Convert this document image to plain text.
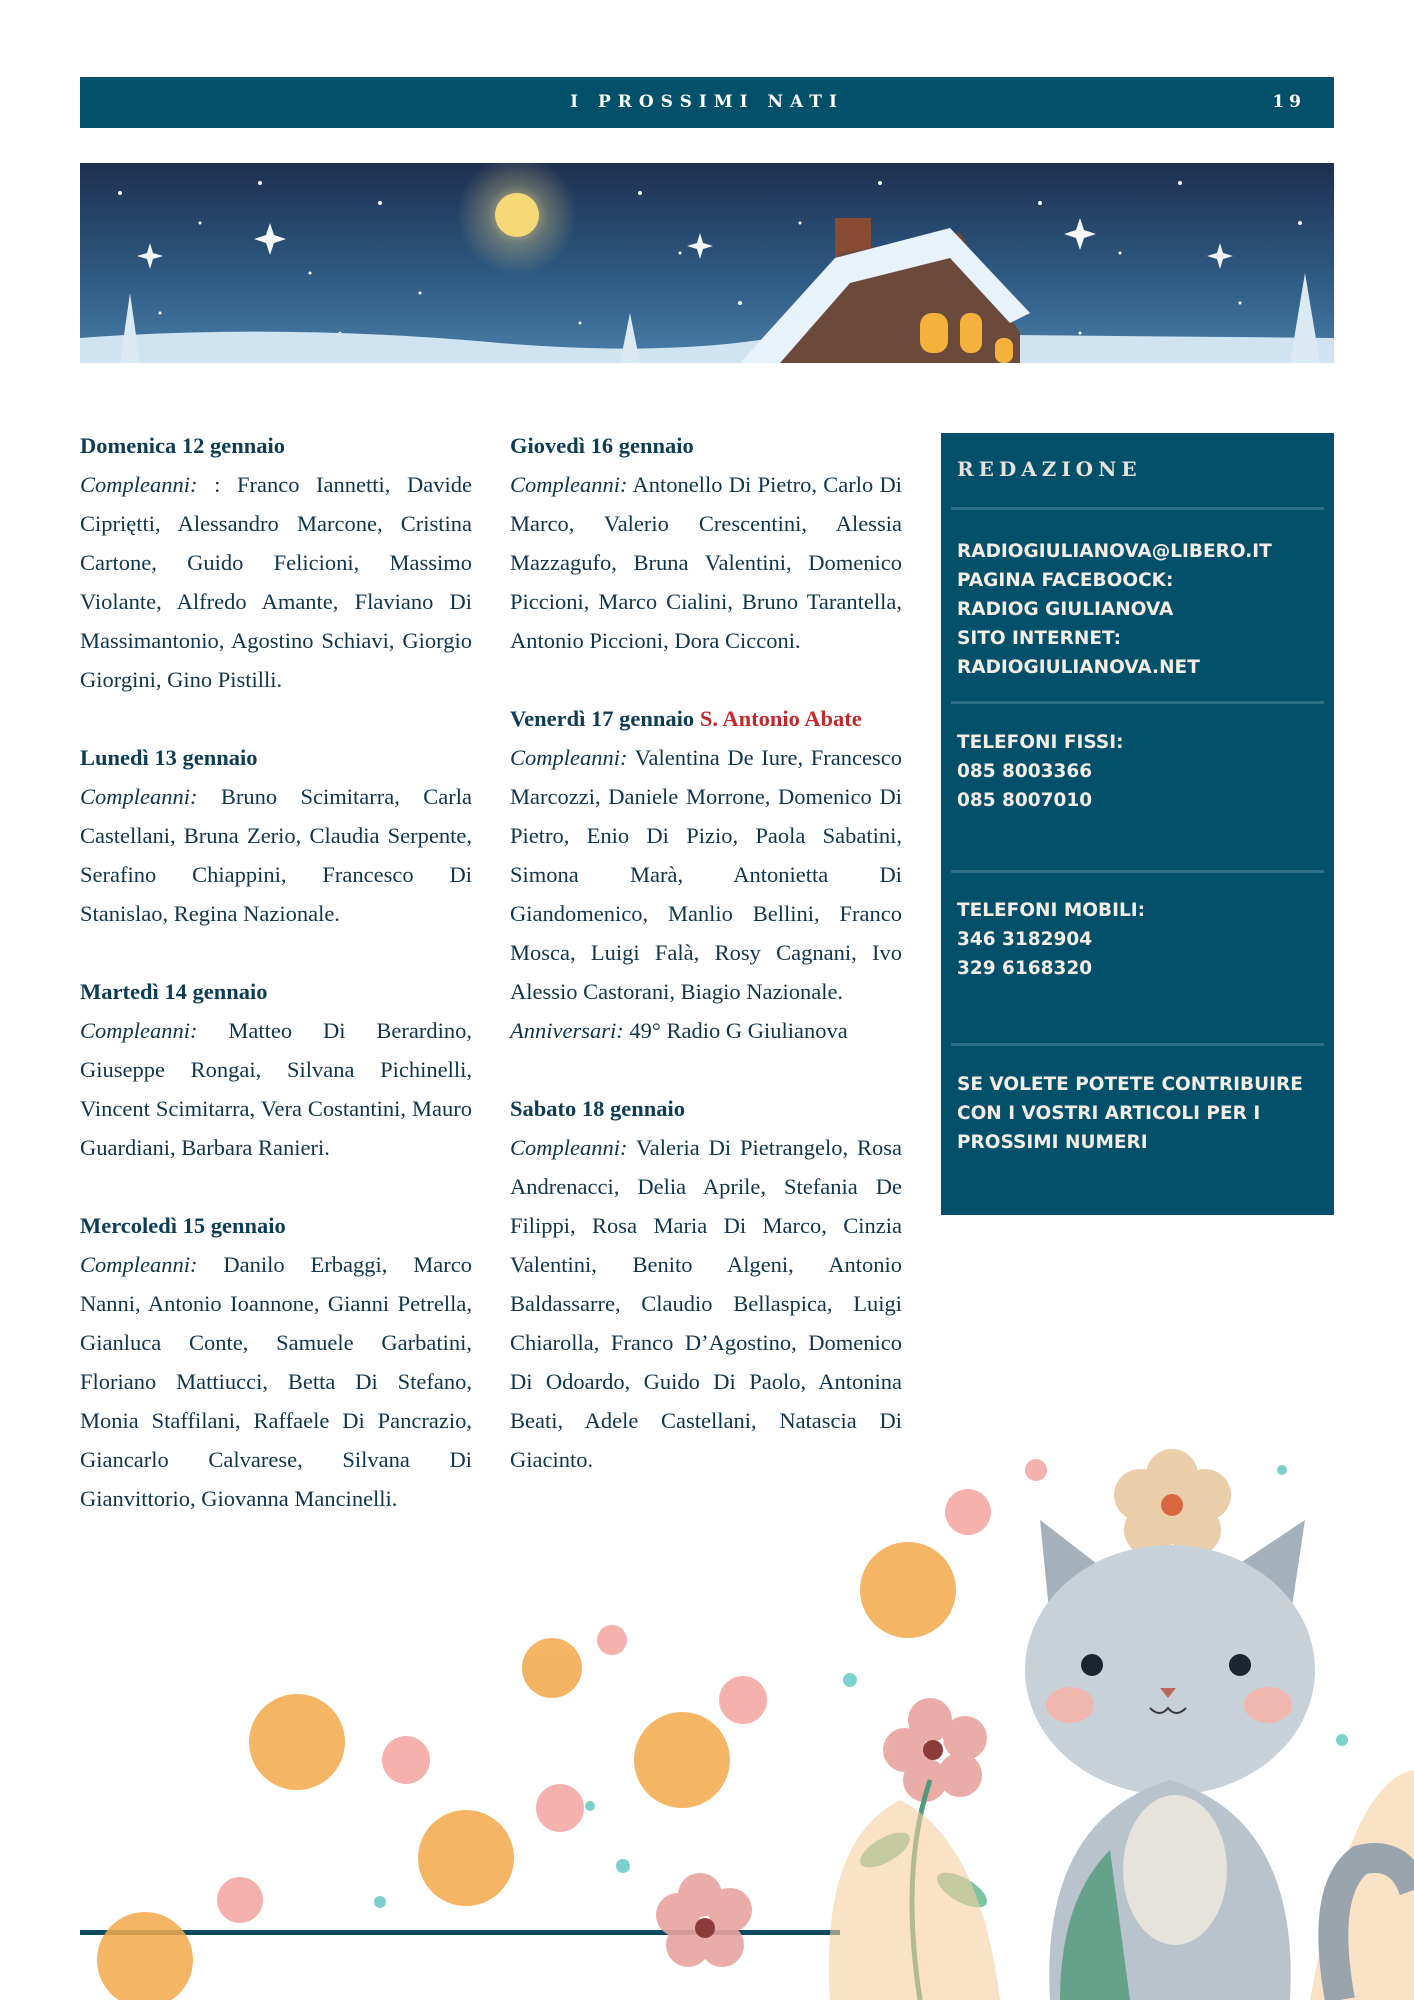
I PROSSIMI NATI	19
Domenica 12 gennaio
Compleanni: : Franco Iannetti, Davide Cipriętti, Alessandro Marcone, Cristina Cartone, Guido Felicioni, Massimo Violante, Alfredo Amante, Flaviano Di Massimantonio, Agostino Schiavi, Giorgio Giorgini, Gino Pistilli.
Lunedì 13 gennaio
Compleanni: Bruno Scimitarra, Carla Castellani, Bruna Zerio, Claudia Serpente, Serafino Chiappini, Francesco Di Stanislao, Regina Nazionale.
Martedì 14 gennaio
Compleanni: Matteo Di Berardino, Giuseppe Rongai, Silvana Pichinelli, Vincent Scimitarra, Vera Costantini, Mauro Guardiani, Barbara Ranieri.
Mercoledì 15 gennaio
Compleanni: Danilo Erbaggi, Marco Nanni, Antonio Ioannone, Gianni Petrella, Gianluca Conte, Samuele Garbatini, Floriano Mattiucci, Betta Di Stefano, Monia Staffilani, Raffaele Di Pancrazio, Giancarlo Calvarese, Silvana Di Gianvittorio, Giovanna Mancinelli.
Giovedì 16 gennaio
Compleanni: Antonello Di Pietro, Carlo Di Marco, Valerio Crescentini, Alessia Mazzagufo, Bruna Valentini, Domenico Piccioni, Marco Cialini, Bruno Tarantella, Antonio Piccioni, Dora Cicconi.
Venerdì 17 gennaio S. Antonio Abate
Compleanni: Valentina De Iure, Francesco Marcozzi, Daniele Morrone, Domenico Di Pietro, Enio Di Pizio, Paola Sabatini, Simona Marà, Antonietta Di Giandomenico, Manlio Bellini, Franco Mosca, Luigi Falà, Rosy Cagnani, Ivo Alessio Castorani, Biagio Nazionale.
Anniversari: 49° Radio G Giulianova
Sabato 18 gennaio
Compleanni: Valeria Di Pietrangelo, Rosa Andrenacci, Delia Aprile, Stefania De Filippi, Rosa Maria Di Marco, Cinzia Valentini, Benito Algeni, Antonio Baldassarre, Claudio Bellaspica, Luigi Chiarolla, Franco D’Agostino, Domenico Di Odoardo, Guido Di Paolo, Antonina Beati, Adele Castellani, Natascia Di Giacinto.
REDAZIONE
RADIOGIULIANOVA@LIBERO.IT
PAGINA FACEBOOCK:
RADIOG GIULIANOVA
SITO INTERNET:
RADIOGIULIANOVA.NET
TELEFONI FISSI:
085 8003366
085 8007010
TELEFONI MOBILI:
346 3182904
329 6168320
SE VOLETE POTETE CONTRIBUIRE
CON I VOSTRI ARTICOLI PER I
PROSSIMI NUMERI
